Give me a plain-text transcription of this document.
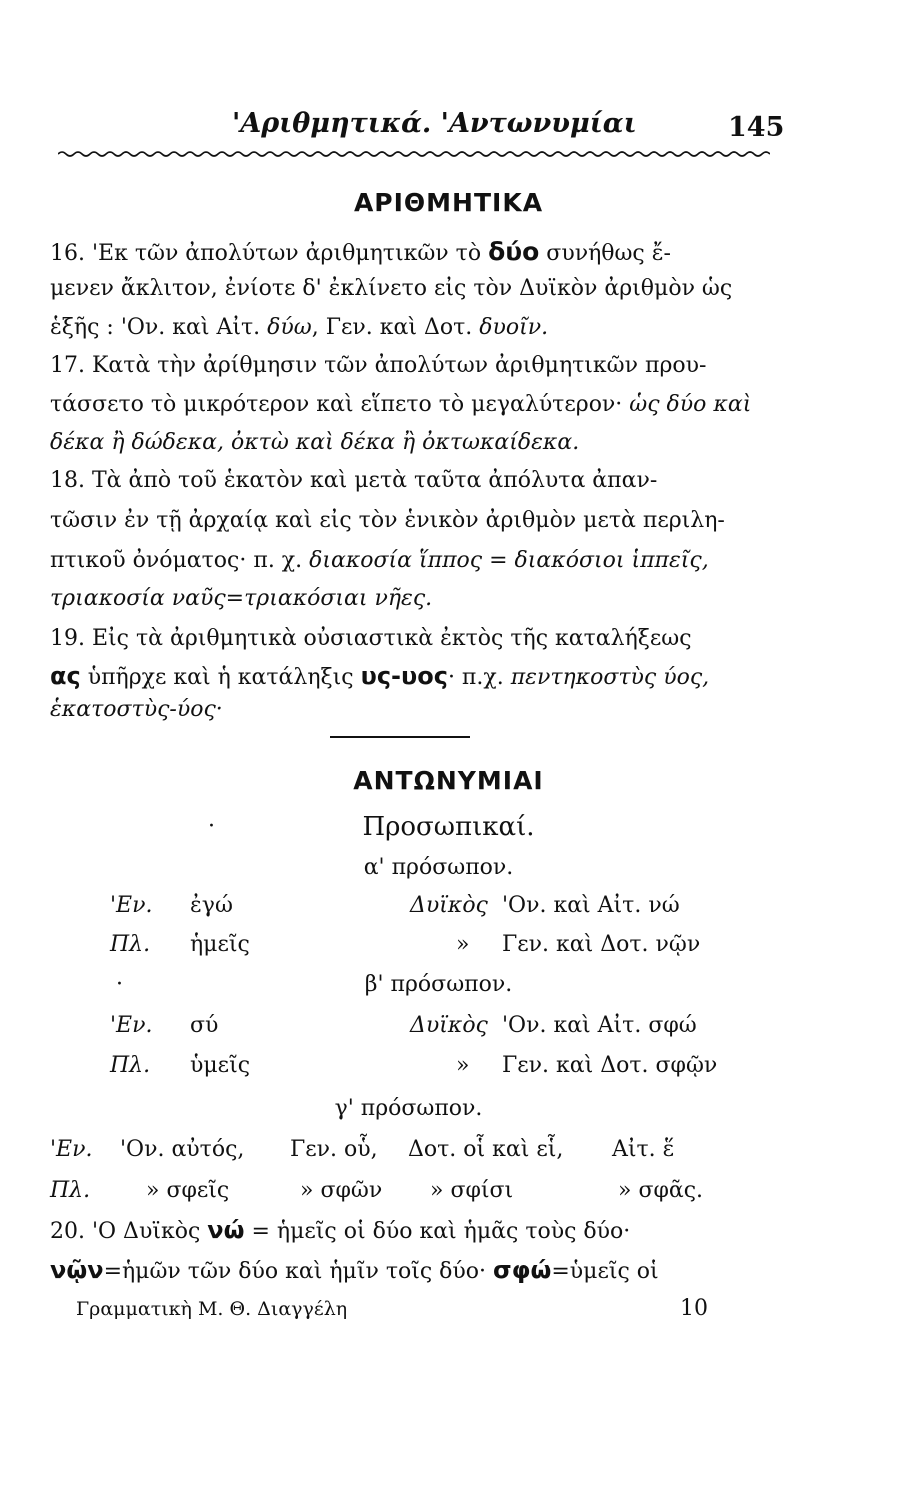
'Αριθμητικά. 'Αντωνυμίαι	145
ΑΡΙΘΜΗΤΙΚΑ
16. 'Εκ τῶν ἀπολύτων ἀριθμητικῶν τὸ δύο συνήθως ἔ-
μενεν ἄκλιτον, ἐνίοτε δ' ἐκλίνετο εἰς τὸν Δυϊκὸν ἀριθμὸν ὡς
ἑξῆς : 'Ον. καὶ Αἰτ. δύω, Γεν. καὶ Δοτ. δυοῖν.
17. Κατὰ τὴν ἀρίθμησιν τῶν ἀπολύτων ἀριθμητικῶν πρου-
τάσσετο τὸ μικρότερον καὶ εἵπετο τὸ μεγαλύτερον· ὡς δύο καὶ
δέκα ἢ δώδεκα, ὀκτὼ καὶ δέκα ἢ ὀκτωκαίδεκα.
18. Τὰ ἀπὸ τοῦ ἑκατὸν καὶ μετὰ ταῦτα ἀπόλυτα ἀπαν-
τῶσιν ἐν τῇ ἀρχαίᾳ καὶ εἰς τὸν ἑνικὸν ἀριθμὸν μετὰ περιλη-
πτικοῦ ὀνόματος· π. χ. διακοσία ἵππος = διακόσιοι ἱππεῖς,
τριακοσία ναῦς=τριακόσιαι νῆες.
19. Εἰς τὰ ἀριθμητικὰ οὐσιαστικὰ ἐκτὸς τῆς καταλήξεως
ας ὑπῆρχε καὶ ἡ κατάληξις υς-υος· π.χ. πεντηκοστὺς ύος,
ἑκατοστὺς-ύος·
ΑΝΤΩΝΥΜΙΑΙ
·	Προσωπικαί.
α' πρόσωπον.
'Εν. ἐγώ	Δυϊκὸς 'Ον. καὶ Αἰτ. νώ
Πλ. ἡμεῖς	» Γεν. καὶ Δοτ. νῷν
·	β' πρόσωπον.
'Εν. σύ	Δυϊκὸς 'Ον. καὶ Αἰτ. σφώ
Πλ. ὑμεῖς	» Γεν. καὶ Δοτ. σφῷν
γ' πρόσωπον.
'Εν. 'Ον. αὐτός, Γεν. οὗ, Δοτ. οἷ καὶ εἷ, Αἰτ. ἕ
Πλ.	» σφεῖς	» σφῶν » σφίσι	» σφᾶς.
20. 'Ο Δυϊκὸς νώ = ἡμεῖς οἱ δύο καὶ ἡμᾶς τοὺς δύο·
νῷν=ἡμῶν τῶν δύο καὶ ἡμῖν τοῖς δύο· σφώ=ὑμεῖς οἱ
Γραμματικὴ Μ. Θ. Διαγγέλη	10
